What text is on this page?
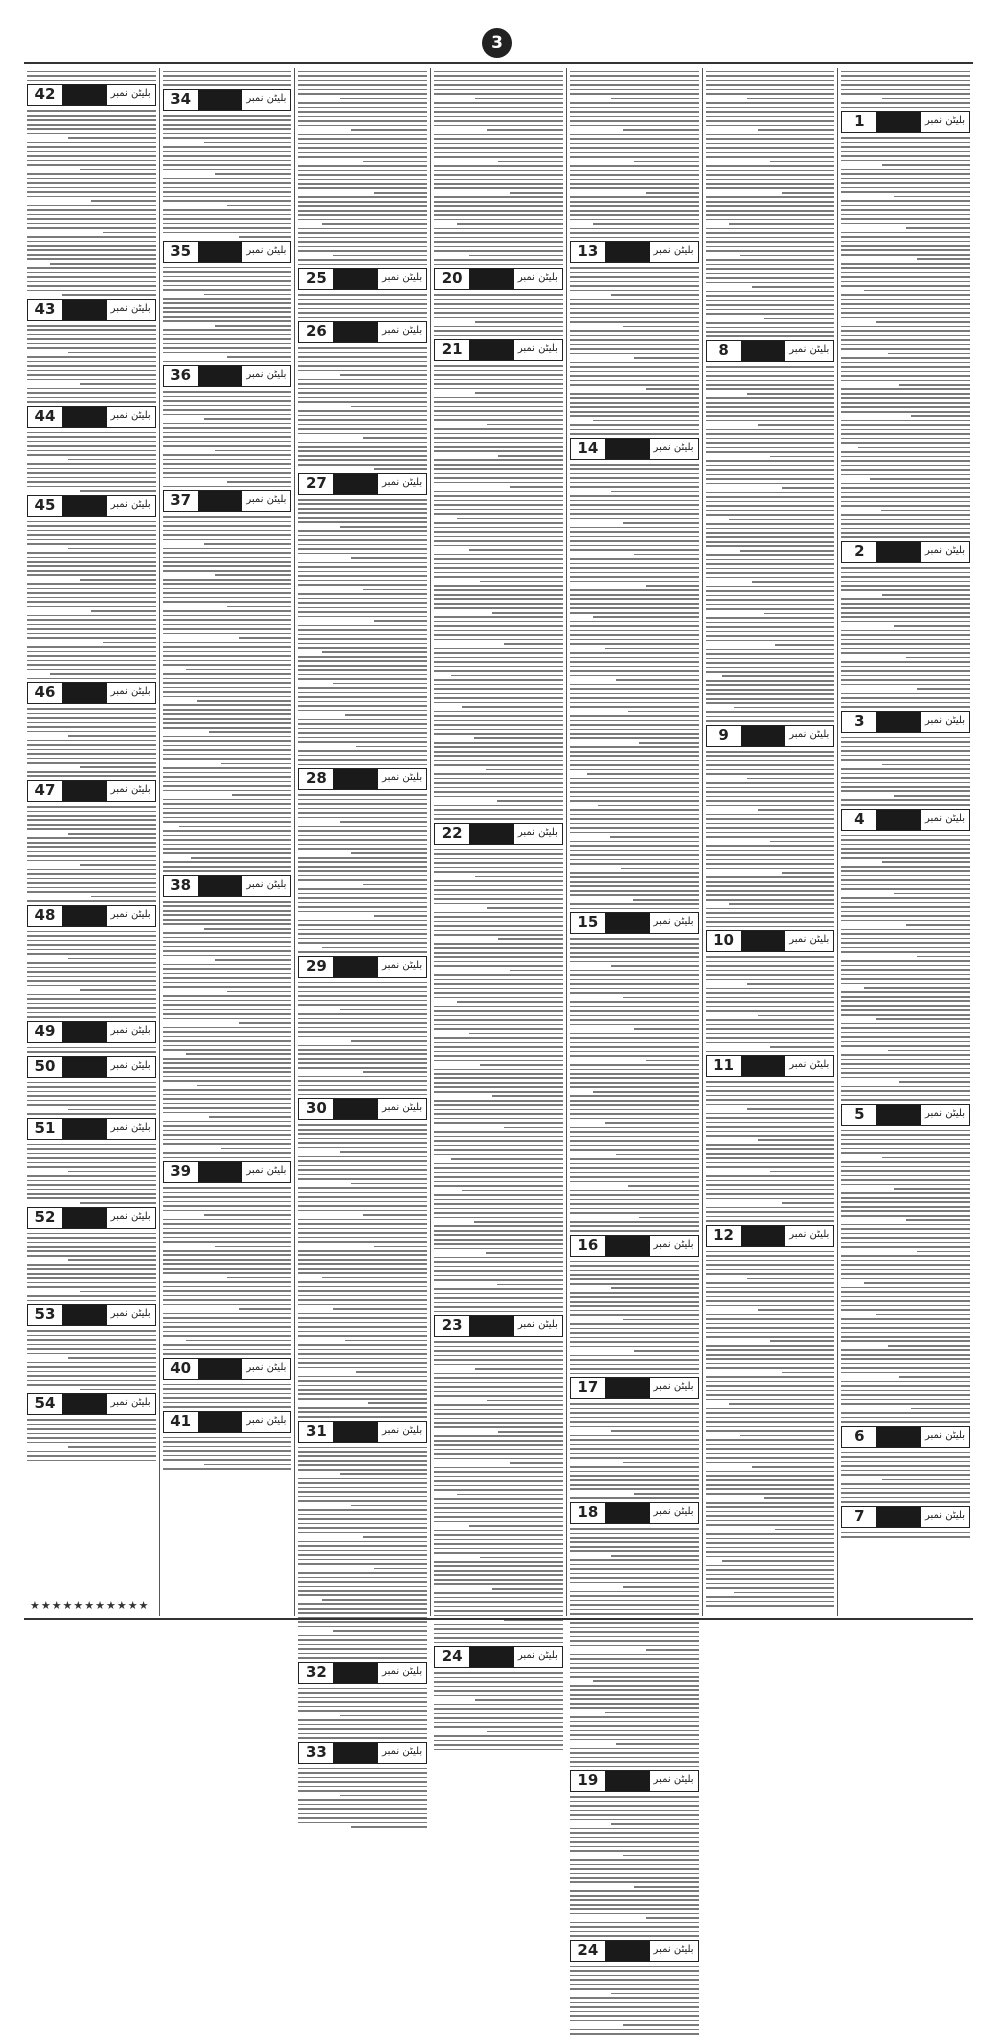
3
1	بلیٹن نمبر
2	بلیٹن نمبر
3	بلیٹن نمبر
4	بلیٹن نمبر
5	بلیٹن نمبر
6	بلیٹن نمبر
7	بلیٹن نمبر
8	بلیٹن نمبر
9	بلیٹن نمبر
10	بلیٹن نمبر
11	بلیٹن نمبر
12	بلیٹن نمبر
13	بلیٹن نمبر
14	بلیٹن نمبر
15	بلیٹن نمبر
16	بلیٹن نمبر
17	بلیٹن نمبر
18	بلیٹن نمبر
19	بلیٹن نمبر
24	بلیٹن نمبر
20	بلیٹن نمبر
21	بلیٹن نمبر
22	بلیٹن نمبر
23	بلیٹن نمبر
24	بلیٹن نمبر
25	بلیٹن نمبر
26	بلیٹن نمبر
27	بلیٹن نمبر
28	بلیٹن نمبر
29	بلیٹن نمبر
30	بلیٹن نمبر
31	بلیٹن نمبر
32	بلیٹن نمبر
33	بلیٹن نمبر
34	بلیٹن نمبر
35	بلیٹن نمبر
36	بلیٹن نمبر
37	بلیٹن نمبر
38	بلیٹن نمبر
39	بلیٹن نمبر
40	بلیٹن نمبر
41	بلیٹن نمبر
42	بلیٹن نمبر
43	بلیٹن نمبر
44	بلیٹن نمبر
45	بلیٹن نمبر
46	بلیٹن نمبر
47	بلیٹن نمبر
48	بلیٹن نمبر
49	بلیٹن نمبر
50	بلیٹن نمبر
51	بلیٹن نمبر
52	بلیٹن نمبر
53	بلیٹن نمبر
54	بلیٹن نمبر
★★★★★★★★★★★
